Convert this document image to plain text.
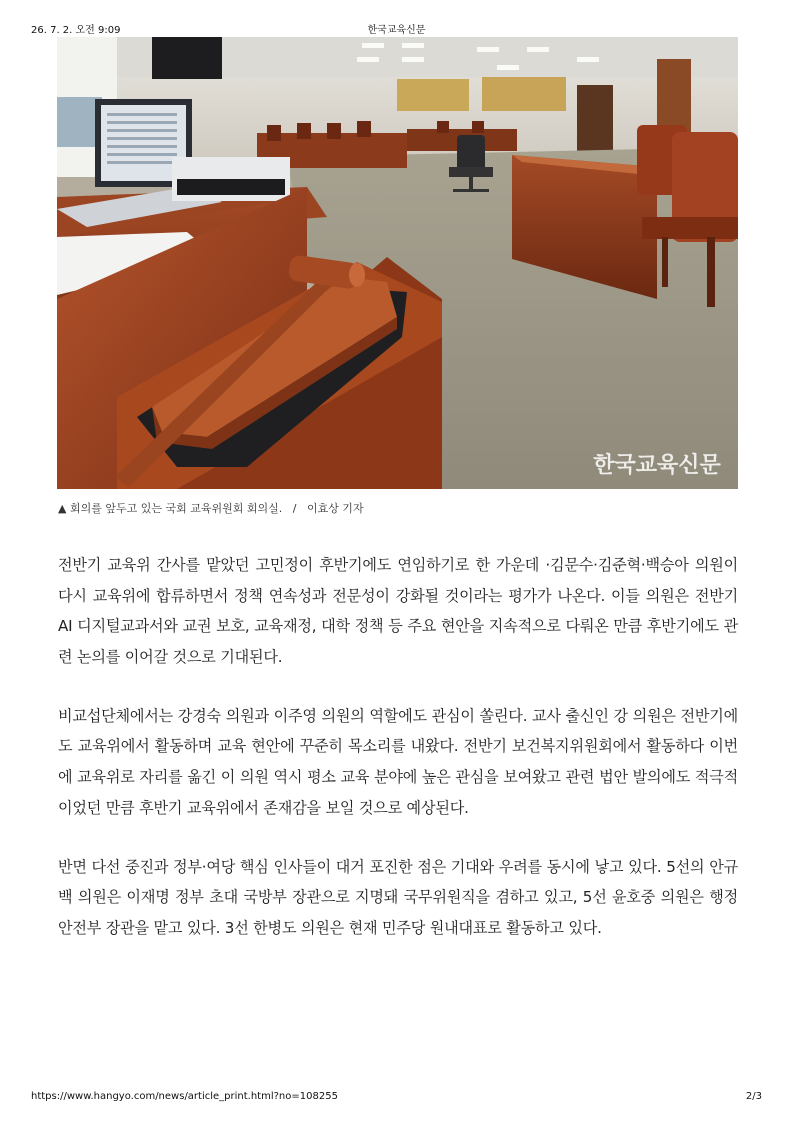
26. 7. 2. 오전 9:09	한국교육신문
한국교육신문
▲ 회의를 앞두고 있는 국회 교육위원회 회의실. / 이효상 기자

전반기 교육위 간사를 맡았던 고민정이 후반기에도 연임하기로 한 가운데 ·김문수·김준혁·백승아 의원이 다시 교육위에 합류하면서 정책 연속성과 전문성이 강화될 것이라는 평가가 나온다. 이들 의원은 전반기 AI 디지털교과서와 교권 보호, 교육재정, 대학 정책 등 주요 현안을 지속적으로 다뤄온 만큼 후반기에도 관련 논의를 이어갈 것으로 기대된다.

비교섭단체에서는 강경숙 의원과 이주영 의원의 역할에도 관심이 쏠린다. 교사 출신인 강 의원은 전반기에도 교육위에서 활동하며 교육 현안에 꾸준히 목소리를 내왔다. 전반기 보건복지위원회에서 활동하다 이번에 교육위로 자리를 옮긴 이 의원 역시 평소 교육 분야에 높은 관심을 보여왔고 관련 법안 발의에도 적극적이었던 만큼 후반기 교육위에서 존재감을 보일 것으로 예상된다.

반면 다선 중진과 정부·여당 핵심 인사들이 대거 포진한 점은 기대와 우려를 동시에 낳고 있다. 5선의 안규백 의원은 이재명 정부 초대 국방부 장관으로 지명돼 국무위원직을 겸하고 있고, 5선 윤호중 의원은 행정안전부 장관을 맡고 있다. 3선 한병도 의원은 현재 민주당 원내대표로 활동하고 있다.

https://www.hangyo.com/news/article_print.html?no=108255	2/3
